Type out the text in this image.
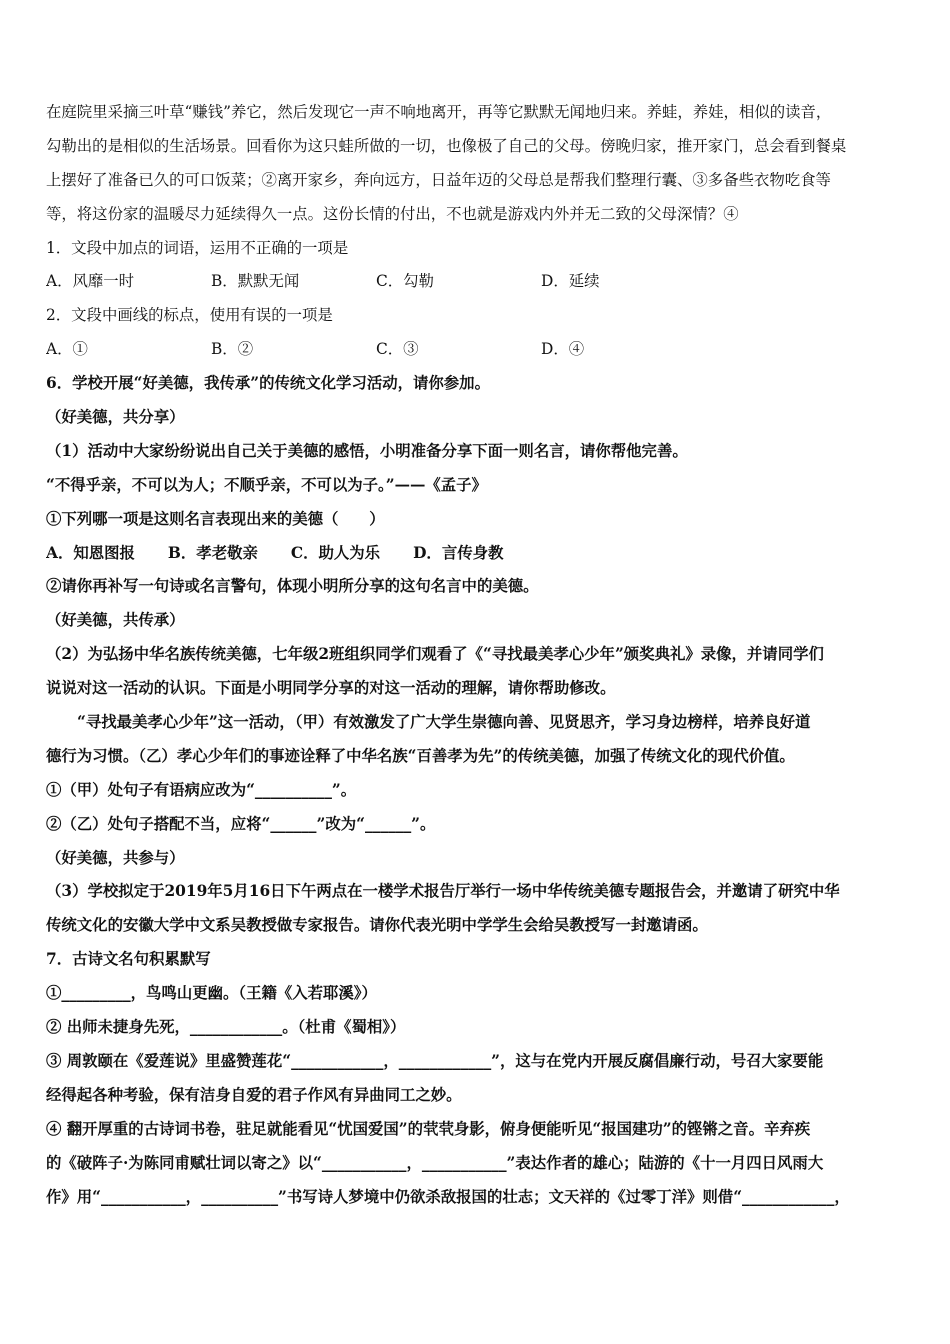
在庭院里采摘三叶草“赚钱”养它，然后发现它一声不响地离开，再等它默默无闻地归来。养蛙，养娃，相似的读音，
勾勒出的是相似的生活场景。回看你为这只蛙所做的一切，也像极了自己的父母。傍晚归家，推开家门，总会看到餐桌
上摆好了准备已久的可口饭菜；②离开家乡，奔向远方，日益年迈的父母总是帮我们整理行囊、③多备些衣物吃食等
等，将这份家的温暖尽力延续得久一点。这份长情的付出，不也就是游戏内外并无二致的父母深情？④
1．文段中加点的词语，运用不正确的一项是
A．风靡一时	B．默默无闻	C．勾勒	D．延续
2．文段中画线的标点，使用有误的一项是
A．①	B．②	C．③	D．④
6．学校开展“好美德，我传承”的传统文化学习活动，请你参加。
（好美德，共分享）
（1）活动中大家纷纷说出自己关于美德的感悟，小明准备分享下面一则名言，请你帮他完善。
“不得乎亲，不可以为人；不顺乎亲，不可以为子。”——《孟子》
①下列哪一项是这则名言表现出来的美德（　　）
A．知恩图报 B．孝老敬亲 C．助人为乐 D．言传身教
②请你再补写一句诗或名言警句，体现小明所分享的这句名言中的美德。
（好美德，共传承）
（2）为弘扬中华名族传统美德，七年级2班组织同学们观看了《“寻找最美孝心少年”颁奖典礼》录像，并请同学们
说说对这一活动的认识。下面是小明同学分享的对这一活动的理解，请你帮助修改。
“寻找最美孝心少年”这一活动，（甲）有效激发了广大学生崇德向善、见贤思齐，学习身边榜样，培养良好道
德行为习惯。（乙）孝心少年们的事迹诠释了中华名族“百善孝为先”的传统美德，加强了传统文化的现代价值。
①（甲）处句子有语病应改为“__________”。
②（乙）处句子搭配不当，应将“______”改为“______”。
（好美德，共参与）
（3）学校拟定于2019年5月16日下午两点在一楼学术报告厅举行一场中华传统美德专题报告会，并邀请了研究中华
传统文化的安徽大学中文系吴教授做专家报告。请你代表光明中学学生会给吴教授写一封邀请函。
7．古诗文名句积累默写
①_________，鸟鸣山更幽。（王籍《入若耶溪》）
② 出师未捷身先死，____________。（杜甫《蜀相》）
③ 周敦颐在《爱莲说》里盛赞莲花“____________，____________”，这与在党内开展反腐倡廉行动，号召大家要能
经得起各种考验，保有洁身自爱的君子作风有异曲同工之妙。
④ 翻开厚重的古诗词书卷，驻足就能看见“忧国爱国”的茕茕身影，俯身便能听见“报国建功”的铿锵之音。辛弃疾
的《破阵子·为陈同甫赋壮词以寄之》以“___________，___________”表达作者的雄心；陆游的《十一月四日风雨大
作》用“___________，__________”书写诗人梦境中仍欲杀敌报国的壮志；文天祥的《过零丁洋》则借“____________，
